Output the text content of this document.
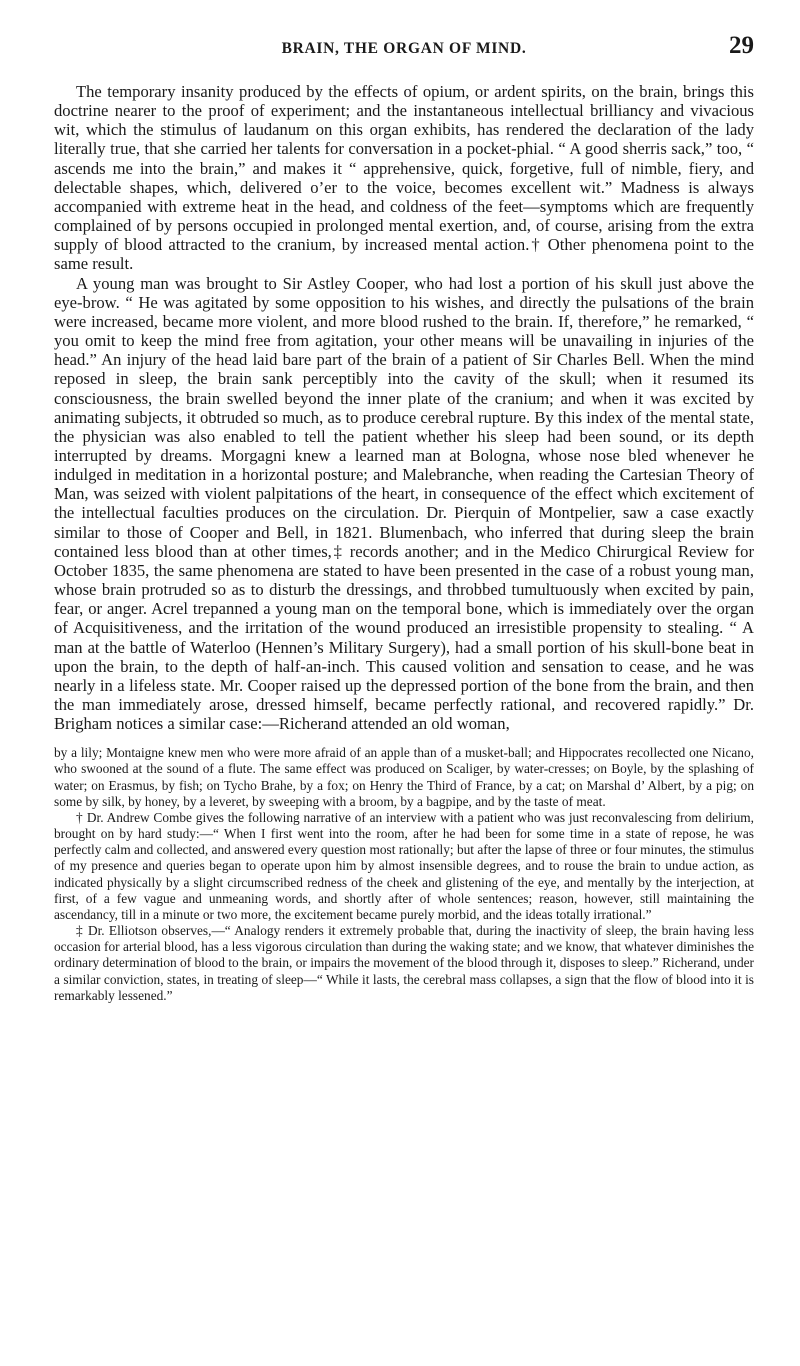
BRAIN, THE ORGAN OF MIND.	29

The temporary insanity produced by the effects of opium, or ardent spirits, on the brain, brings this doctrine nearer to the proof of experiment; and the instantaneous intellectual brilliancy and vivacious wit, which the stimulus of laudanum on this organ exhibits, has rendered the declaration of the lady literally true, that she carried her talents for conversation in a pocket-phial. “ A good sherris sack,” too, “ ascends me into the brain,” and makes it “ apprehensive, quick, forgetive, full of nimble, fiery, and delectable shapes, which, delivered o’er to the voice, becomes excellent wit.” Madness is always accompanied with extreme heat in the head, and coldness of the feet—symptoms which are frequently complained of by persons occupied in prolonged mental exertion, and, of course, arising from the extra supply of blood attracted to the cranium, by increased mental action.† Other phenomena point to the same result.

A young man was brought to Sir Astley Cooper, who had lost a portion of his skull just above the eye-brow. “ He was agitated by some opposition to his wishes, and directly the pulsations of the brain were increased, became more violent, and more blood rushed to the brain. If, therefore,” he remarked, “ you omit to keep the mind free from agitation, your other means will be unavailing in injuries of the head.” An injury of the head laid bare part of the brain of a patient of Sir Charles Bell. When the mind reposed in sleep, the brain sank perceptibly into the cavity of the skull; when it resumed its consciousness, the brain swelled beyond the inner plate of the cranium; and when it was excited by animating subjects, it obtruded so much, as to produce cerebral rupture. By this index of the mental state, the physician was also enabled to tell the patient whether his sleep had been sound, or its depth interrupted by dreams. Morgagni knew a learned man at Bologna, whose nose bled whenever he indulged in meditation in a horizontal posture; and Malebranche, when reading the Cartesian Theory of Man, was seized with violent palpitations of the heart, in consequence of the effect which excitement of the intellectual faculties produces on the circulation. Dr. Pierquin of Montpelier, saw a case exactly similar to those of Cooper and Bell, in 1821. Blumenbach, who inferred that during sleep the brain contained less blood than at other times,‡ records another; and in the Medico Chirurgical Review for October 1835, the same phenomena are stated to have been presented in the case of a robust young man, whose brain protruded so as to disturb the dressings, and throbbed tumultuously when excited by pain, fear, or anger. Acrel trepanned a young man on the temporal bone, which is immediately over the organ of Acquisitiveness, and the irritation of the wound produced an irresistible propensity to stealing. “ A man at the battle of Waterloo (Hennen’s Military Surgery), had a small portion of his skull-bone beat in upon the brain, to the depth of half-an-inch. This caused volition and sensation to cease, and he was nearly in a lifeless state. Mr. Cooper raised up the depressed portion of the bone from the brain, and then the man immediately arose, dressed himself, became perfectly rational, and recovered rapidly.” Dr. Brigham notices a similar case:—Richerand attended an old woman,

by a lily; Montaigne knew men who were more afraid of an apple than of a musket-ball; and Hippocrates recollected one Nicano, who swooned at the sound of a flute. The same effect was produced on Scaliger, by water-cresses; on Boyle, by the splashing of water; on Erasmus, by fish; on Tycho Brahe, by a fox; on Henry the Third of France, by a cat; on Marshal d’ Albert, by a pig; on some by silk, by honey, by a leveret, by sweeping with a broom, by a bagpipe, and by the taste of meat.

† Dr. Andrew Combe gives the following narrative of an interview with a patient who was just reconvalescing from delirium, brought on by hard study:—“ When I first went into the room, after he had been for some time in a state of repose, he was perfectly calm and collected, and answered every question most rationally; but after the lapse of three or four minutes, the stimulus of my presence and queries began to operate upon him by almost insensible degrees, and to rouse the brain to undue action, as indicated physically by a slight circumscribed redness of the cheek and glistening of the eye, and mentally by the interjection, at first, of a few vague and unmeaning words, and shortly after of whole sentences; reason, however, still maintaining the ascendancy, till in a minute or two more, the excitement became purely morbid, and the ideas totally irrational.”

‡ Dr. Elliotson observes,—“ Analogy renders it extremely probable that, during the inactivity of sleep, the brain having less occasion for arterial blood, has a less vigorous circulation than during the waking state; and we know, that whatever diminishes the ordinary determination of blood to the brain, or impairs the movement of the blood through it, disposes to sleep.” Richerand, under a similar conviction, states, in treating of sleep—“ While it lasts, the cerebral mass collapses, a sign that the flow of blood into it is remarkably lessened.”
